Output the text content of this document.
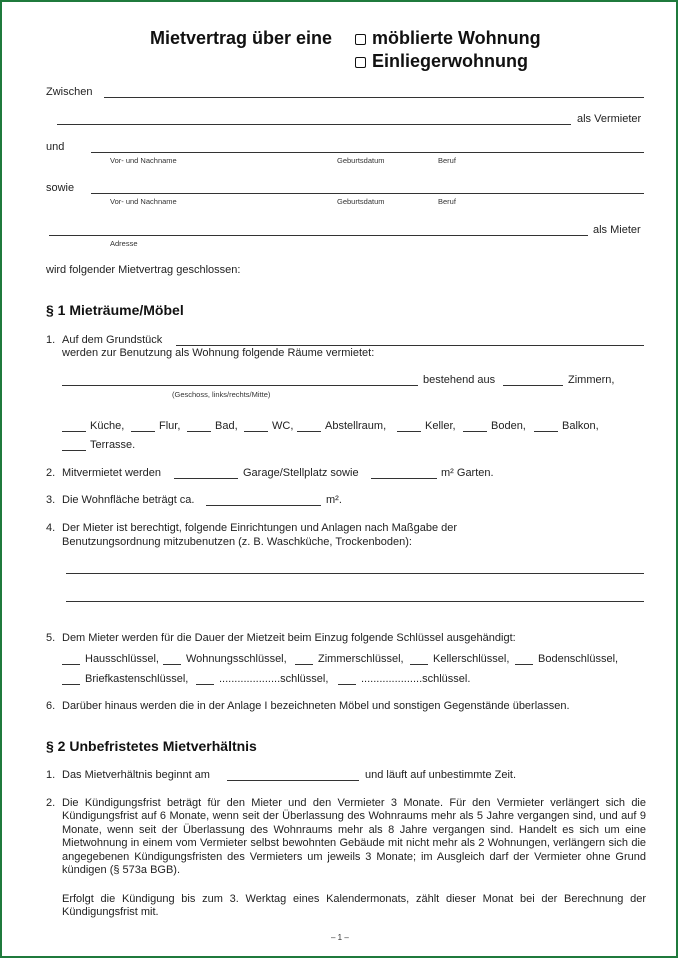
Mietvertrag über eine	möblierte Wohnung
Einliegerwohnung
Zwischen
als Vermieter
und
Vor- und Nachname	Geburtsdatum	Beruf
sowie
Vor- und Nachname	Geburtsdatum	Beruf
als Mieter
Adresse
wird folgender Mietvertrag geschlossen:
§ 1 Mieträume/Möbel
1. Auf dem Grundstück
werden zur Benutzung als Wohnung folgende Räume vermietet:
bestehend aus	Zimmern,
(Geschoss, links/rechts/Mitte)
Küche,	Flur,	Bad,	WC,	Abstellraum,	Keller,	Boden,	Balkon,
Terrasse.
2. Mitvermietet werden	Garage/Stellplatz sowie	m² Garten.
3. Die Wohnfläche beträgt ca.	m².
4. Der Mieter ist berechtigt, folgende Einrichtungen und Anlagen nach Maßgabe der
Benutzungsordnung mitzubenutzen (z. B. Waschküche, Trockenboden):
5. Dem Mieter werden für die Dauer der Mietzeit beim Einzug folgende Schlüssel ausgehändigt:
Hausschlüssel, Wohnungsschlüssel,	Zimmerschlüssel,	Kellerschlüssel,	Bodenschlüssel,
Briefkastenschlüssel,	....................schlüssel,	....................schlüssel.
6. Darüber hinaus werden die in der Anlage I bezeichneten Möbel und sonstigen Gegenstände überlassen.
§ 2 Unbefristetes Mietverhältnis
1. Das Mietverhältnis beginnt am	und läuft auf unbestimmte Zeit.
2. Die Kündigungsfrist beträgt für den Mieter und den Vermieter 3 Monate. Für den Vermieter verlängert sich die Kündigungsfrist auf 6 Monate, wenn seit der Überlassung des Wohnraums mehr als 5 Jahre vergangen sind, und auf 9 Monate, wenn seit der Überlassung des Wohnraums mehr als 8 Jahre vergangen sind. Handelt es sich um eine Mietwohnung in einem vom Vermieter selbst bewohnten Gebäude mit nicht mehr als 2 Wohnungen, verlängern sich die angegebenen Kündigungsfristen des Vermieters um jeweils 3 Monate; im Ausgleich darf der Vermieter ohne Grund kündigen (§ 573a BGB).
Erfolgt die Kündigung bis zum 3. Werktag eines Kalendermonats, zählt dieser Monat bei der Berechnung der Kündigungsfrist mit.
– 1 –
